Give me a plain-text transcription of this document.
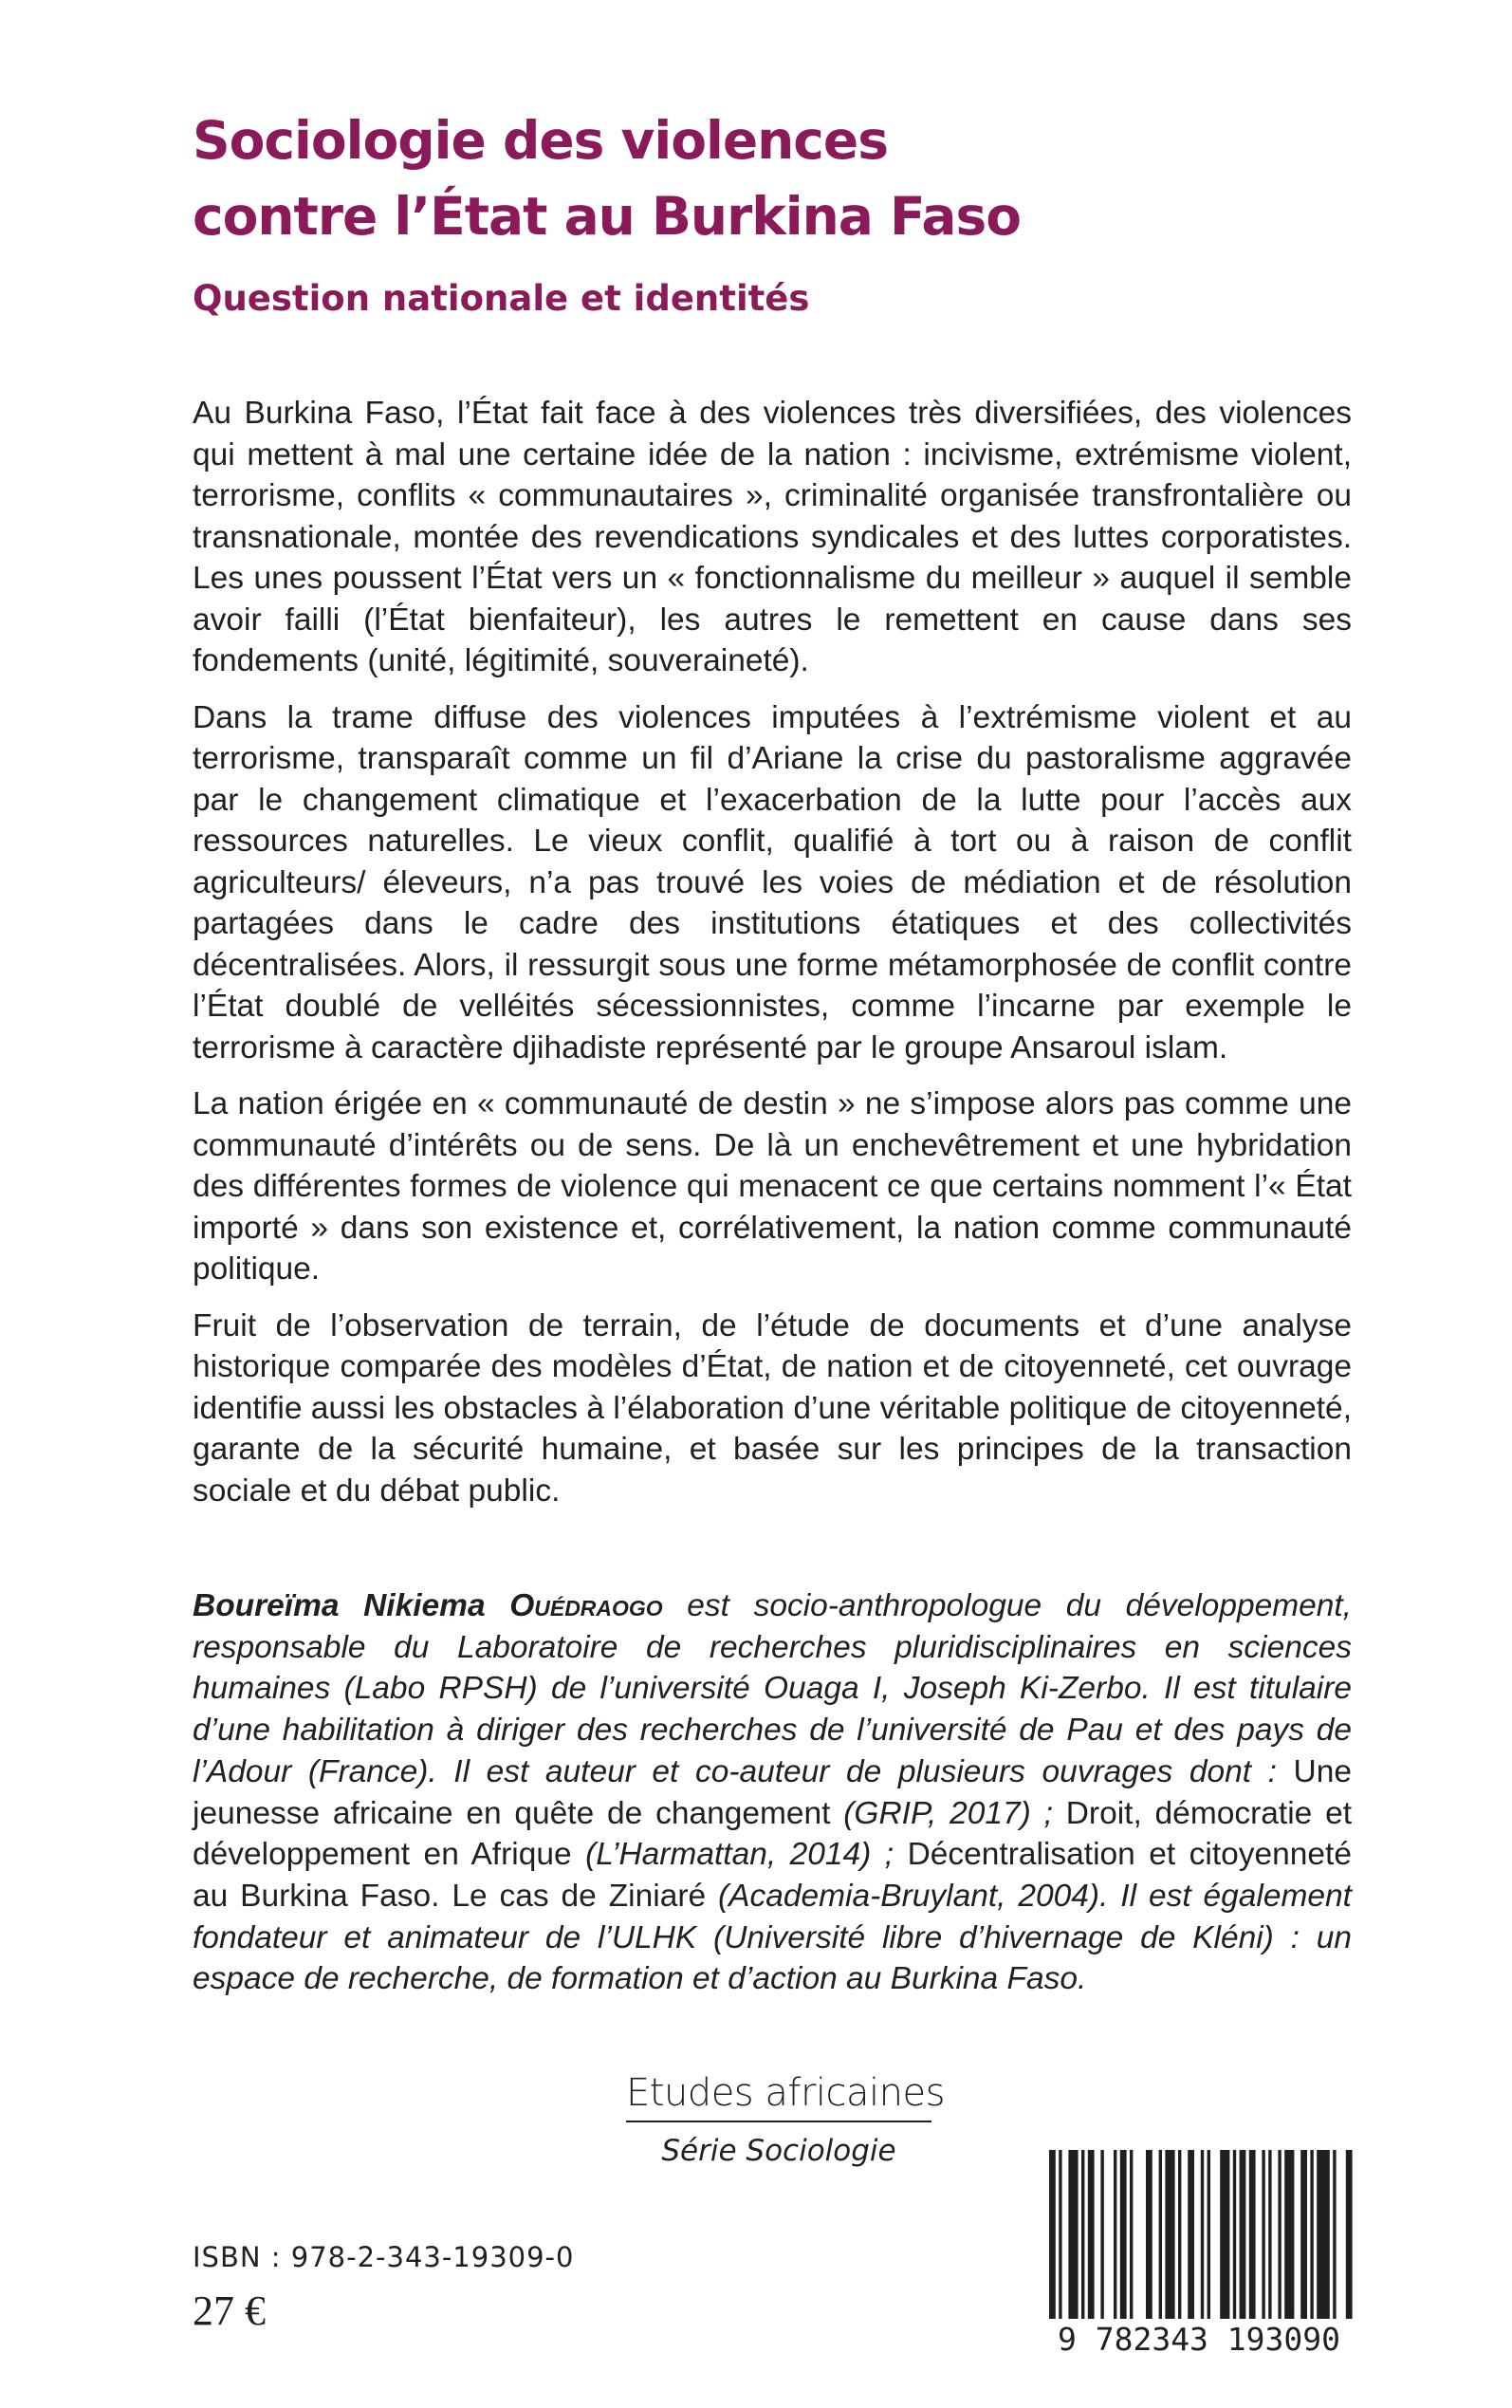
Sociologie des violences
contre l’État au Burkina Faso
Question nationale et identités

Au Burkina Faso, l’État fait face à des violences très diversifiées, des violences qui mettent à mal une certaine idée de la nation : incivisme, extrémisme violent, terrorisme, conflits « communautaires », criminalité organisée transfrontalière ou transnationale, montée des revendications syndicales et des luttes corporatistes. Les unes poussent l’État vers un « fonctionnalisme du meilleur » auquel il semble avoir failli (l’État bienfaiteur), les autres le remettent en cause dans ses fondements (unité, légitimité, souveraineté).

Dans la trame diffuse des violences imputées à l’extrémisme violent et au terrorisme, transparaît comme un fil d’Ariane la crise du pastoralisme aggravée par le changement climatique et l’exacerbation de la lutte pour l’accès aux ressources naturelles. Le vieux conflit, qualifié à tort ou à raison de conflit agriculteurs/ éleveurs, n’a pas trouvé les voies de médiation et de résolution partagées dans le cadre des institutions étatiques et des collectivités décentralisées. Alors, il ressurgit sous une forme métamorphosée de conflit contre l’État doublé de velléités sécessionnistes, comme l’incarne par exemple le terrorisme à caractère djihadiste représenté par le groupe Ansaroul islam.

La nation érigée en « communauté de destin » ne s’impose alors pas comme une communauté d’intérêts ou de sens. De là un enchevêtrement et une hybridation des différentes formes de violence qui menacent ce que certains nomment l’« État importé » dans son existence et, corrélativement, la nation comme communauté politique.

Fruit de l’observation de terrain, de l’étude de documents et d’une analyse historique comparée des modèles d’État, de nation et de citoyenneté, cet ouvrage identifie aussi les obstacles à l’élaboration d’une véritable politique de citoyenneté, garante de la sécurité humaine, et basée sur les principes de la transaction sociale et du débat public.

Boureïma Nikiema Ouédraogo est socio-anthropologue du développement, responsable du Laboratoire de recherches pluridisciplinaires en sciences humaines (Labo RPSH) de l’université Ouaga I, Joseph Ki-Zerbo. Il est titulaire d’une habilitation à diriger des recherches de l’université de Pau et des pays de l’Adour (France). Il est auteur et co-auteur de plusieurs ouvrages dont : Une jeunesse africaine en quête de changement (GRIP, 2017) ; Droit, démocratie et développement en Afrique (L’Harmattan, 2014) ; Décentralisation et citoyenneté au Burkina Faso. Le cas de Ziniaré (Academia-Bruylant, 2004). Il est également fondateur et animateur de l’ULHK (Université libre d’hivernage de Kléni) : un espace de recherche, de formation et d’action au Burkina Faso.

Etudes africaines
Série Sociologie
ISBN : 978-2-343-19309-0
27 €
9 782343 193090
